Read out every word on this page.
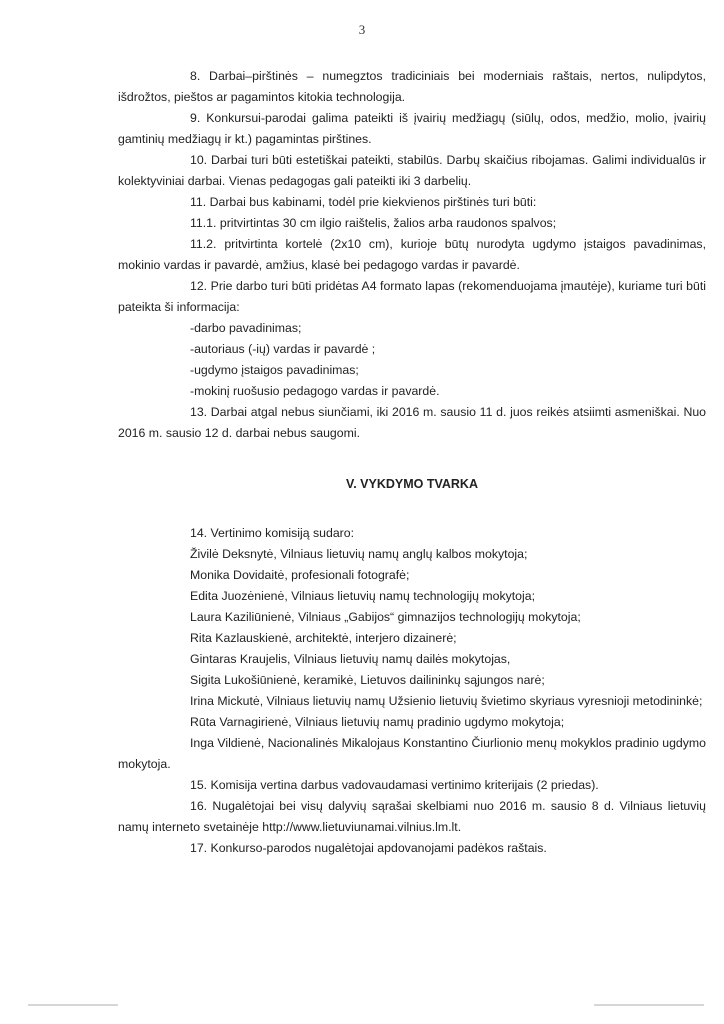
3

8. Darbai–pirštinės – numegztos tradiciniais bei moderniais raštais, nertos, nulipdytos, išdrožtos, pieštos ar pagamintos kitokia technologija.

9. Konkursui-parodai galima pateikti iš įvairių medžiagų (siūlų, odos, medžio, molio, įvairių gamtinių medžiagų ir kt.) pagamintas pirštines.

10. Darbai turi būti estetiškai pateikti, stabilūs. Darbų skaičius ribojamas. Galimi individualūs ir kolektyviniai darbai. Vienas pedagogas gali pateikti iki 3 darbelių.

11. Darbai bus kabinami, todėl prie kiekvienos pirštinės turi būti:

11.1. pritvirtintas 30 cm ilgio raištelis, žalios arba raudonos spalvos;

11.2. pritvirtinta kortelė (2x10 cm), kurioje būtų nurodyta ugdymo įstaigos pavadinimas, mokinio vardas ir pavardė, amžius, klasė bei pedagogo vardas ir pavardė.

12. Prie darbo turi būti pridėtas A4 formato lapas (rekomenduojama įmautėje), kuriame turi būti pateikta ši informacija:

-darbo pavadinimas;

-autoriaus (-ių) vardas ir pavardė ;

-ugdymo įstaigos pavadinimas;

-mokinį ruošusio pedagogo vardas ir pavardė.

13. Darbai atgal nebus siunčiami, iki 2016 m. sausio 11 d. juos reikės atsiimti asmeniškai. Nuo 2016 m. sausio 12 d. darbai nebus saugomi.

V. VYKDYMO TVARKA

14. Vertinimo komisiją sudaro:

Živilė Deksnytė, Vilniaus lietuvių namų anglų kalbos mokytoja;

Monika Dovidaitė, profesionali fotografė;

Edita Juozėnienė, Vilniaus lietuvių namų technologijų mokytoja;

Laura Kaziliūnienė, Vilniaus „Gabijos“ gimnazijos technologijų mokytoja;

Rita Kazlauskienė, architektė, interjero dizainerė;

Gintaras Kraujelis, Vilniaus lietuvių namų dailės mokytojas,

Sigita Lukošiūnienė, keramikė, Lietuvos dailininkų sąjungos narė;

Irina Mickutė, Vilniaus lietuvių namų Užsienio lietuvių švietimo skyriaus vyresnioji metodininkė;

Rūta Varnagirienė, Vilniaus lietuvių namų pradinio ugdymo mokytoja;

Inga Vildienė, Nacionalinės Mikalojaus Konstantino Čiurlionio menų mokyklos pradinio ugdymo mokytoja.

15. Komisija vertina darbus vadovaudamasi vertinimo kriterijais (2 priedas).

16. Nugalėtojai bei visų dalyvių sąrašai skelbiami nuo 2016 m. sausio 8 d. Vilniaus lietuvių namų interneto svetainėje http://www.lietuviunamai.vilnius.lm.lt.

17. Konkurso-parodos nugalėtojai apdovanojami padėkos raštais.
